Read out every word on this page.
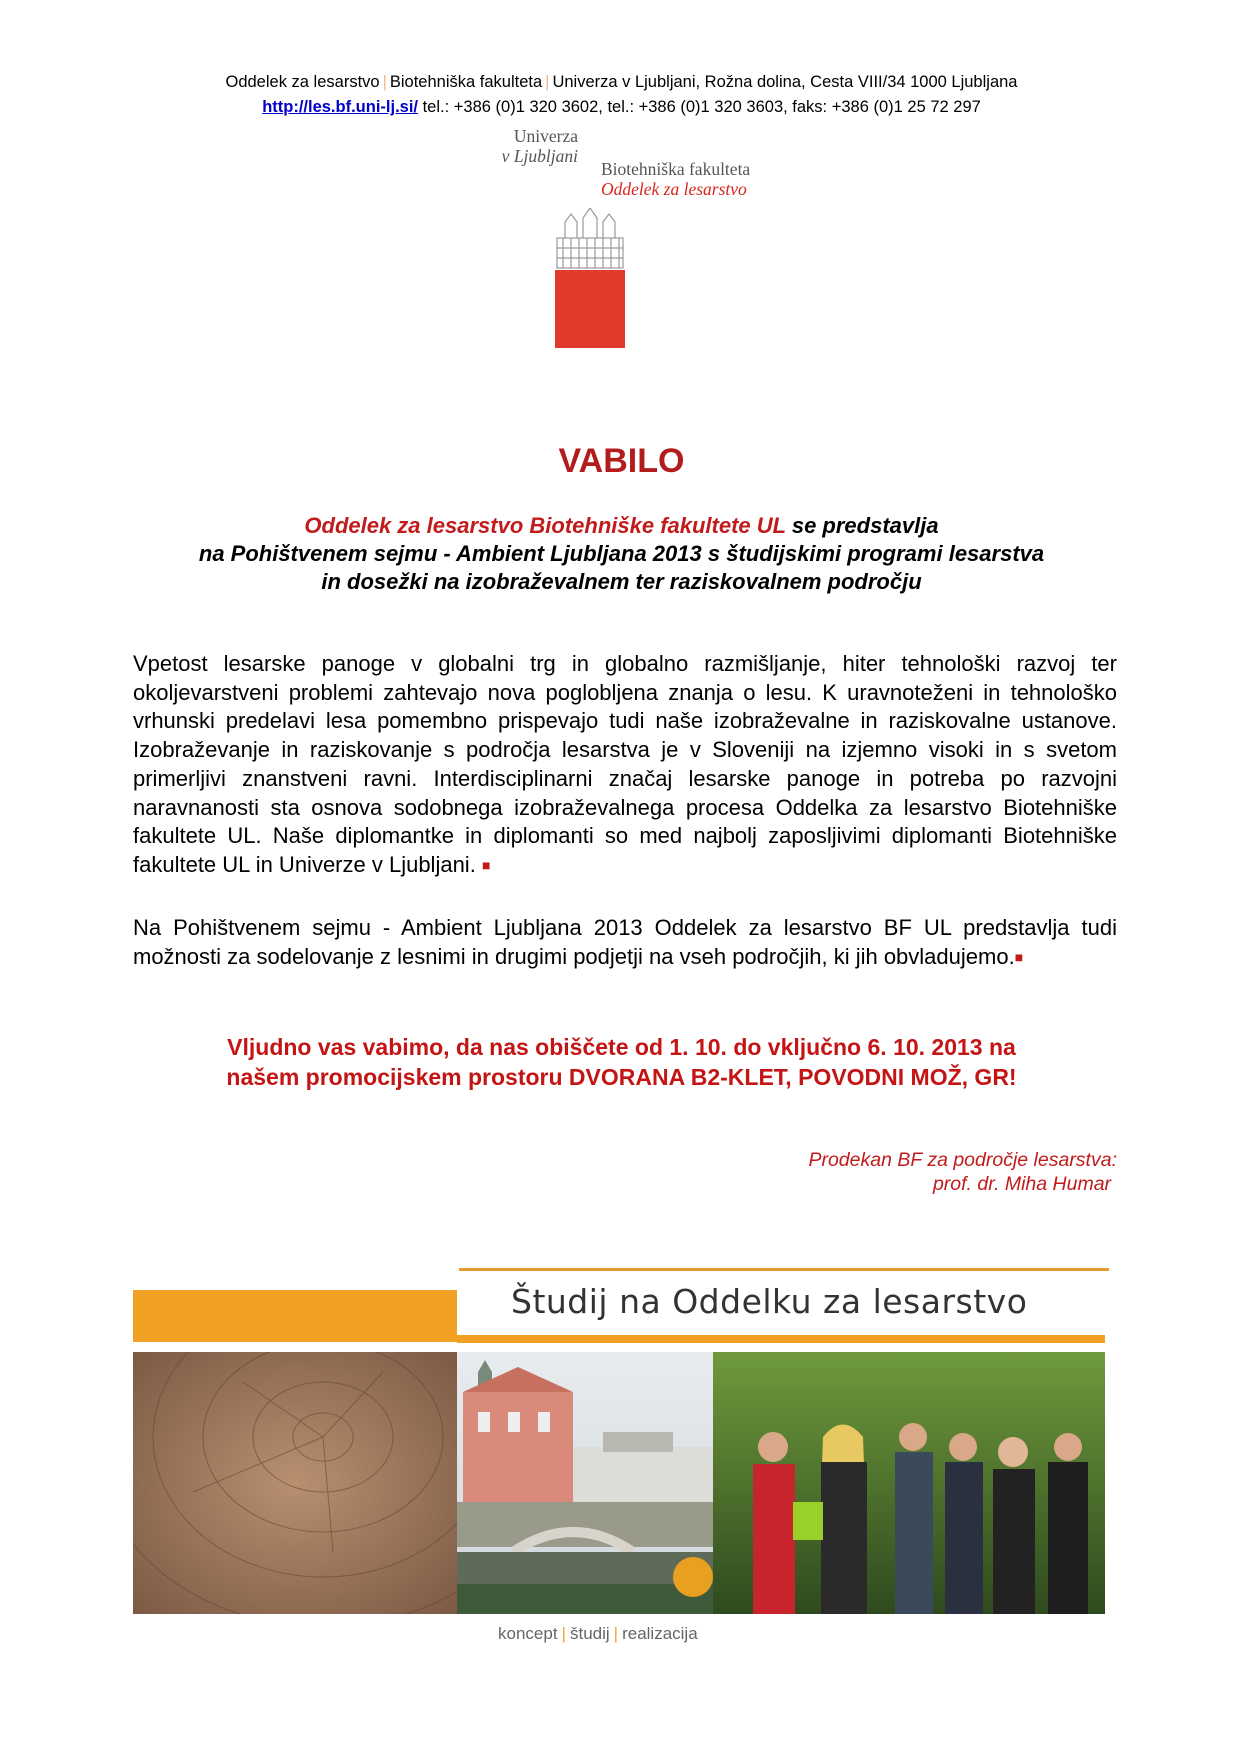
Oddelek za lesarstvo | Biotehniška fakulteta | Univerza v Ljubljani, Rožna dolina, Cesta VIII/34 1000 Ljubljana
http://les.bf.uni-lj.si/ tel.: +386 (0)1 320 3602, tel.: +386 (0)1 320 3603, faks: +386 (0)1 25 72 297
Univerza
v Ljubljani
Biotehniška fakulteta
Oddelek za lesarstvo
VABILO
Oddelek za lesarstvo Biotehniške fakultete UL se predstavlja
na Pohištvenem sejmu - Ambient Ljubljana 2013 s študijskimi programi lesarstva
in dosežki na izobraževalnem ter raziskovalnem področju
Vpetost lesarske panoge v globalni trg in globalno razmišljanje, hiter tehnološki razvoj ter okoljevarstveni problemi zahtevajo nova poglobljena znanja o lesu. K uravnoteženi in tehnološko vrhunski predelavi lesa pomembno prispevajo tudi naše izobraževalne in raziskovalne ustanove. Izobraževanje in raziskovanje s področja lesarstva je v Sloveniji na izjemno visoki in s svetom primerljivi znanstveni ravni. Interdisciplinarni značaj lesarske panoge in potreba po razvojni naravnanosti sta osnova sodobnega izobraževalnega procesa Oddelka za lesarstvo Biotehniške fakultete UL. Naše diplomantke in diplomanti so med najbolj zaposljivimi diplomanti Biotehniške fakultete UL in Univerze v Ljubljani. ■
Na Pohištvenem sejmu - Ambient Ljubljana 2013 Oddelek za lesarstvo BF UL predstavlja tudi možnosti za sodelovanje z lesnimi in drugimi podjetji na vseh področjih, ki jih obvladujemo.■
Vljudno vas vabimo, da nas obiščete od 1. 10. do vključno 6. 10. 2013 na
našem promocijskem prostoru DVORANA B2-KLET, POVODNI MOŽ, GR!
Prodekan BF za področje lesarstva:
prof. dr. Miha Humar
Študij na Oddelku za lesarstvo
koncept | študij | realizacija
